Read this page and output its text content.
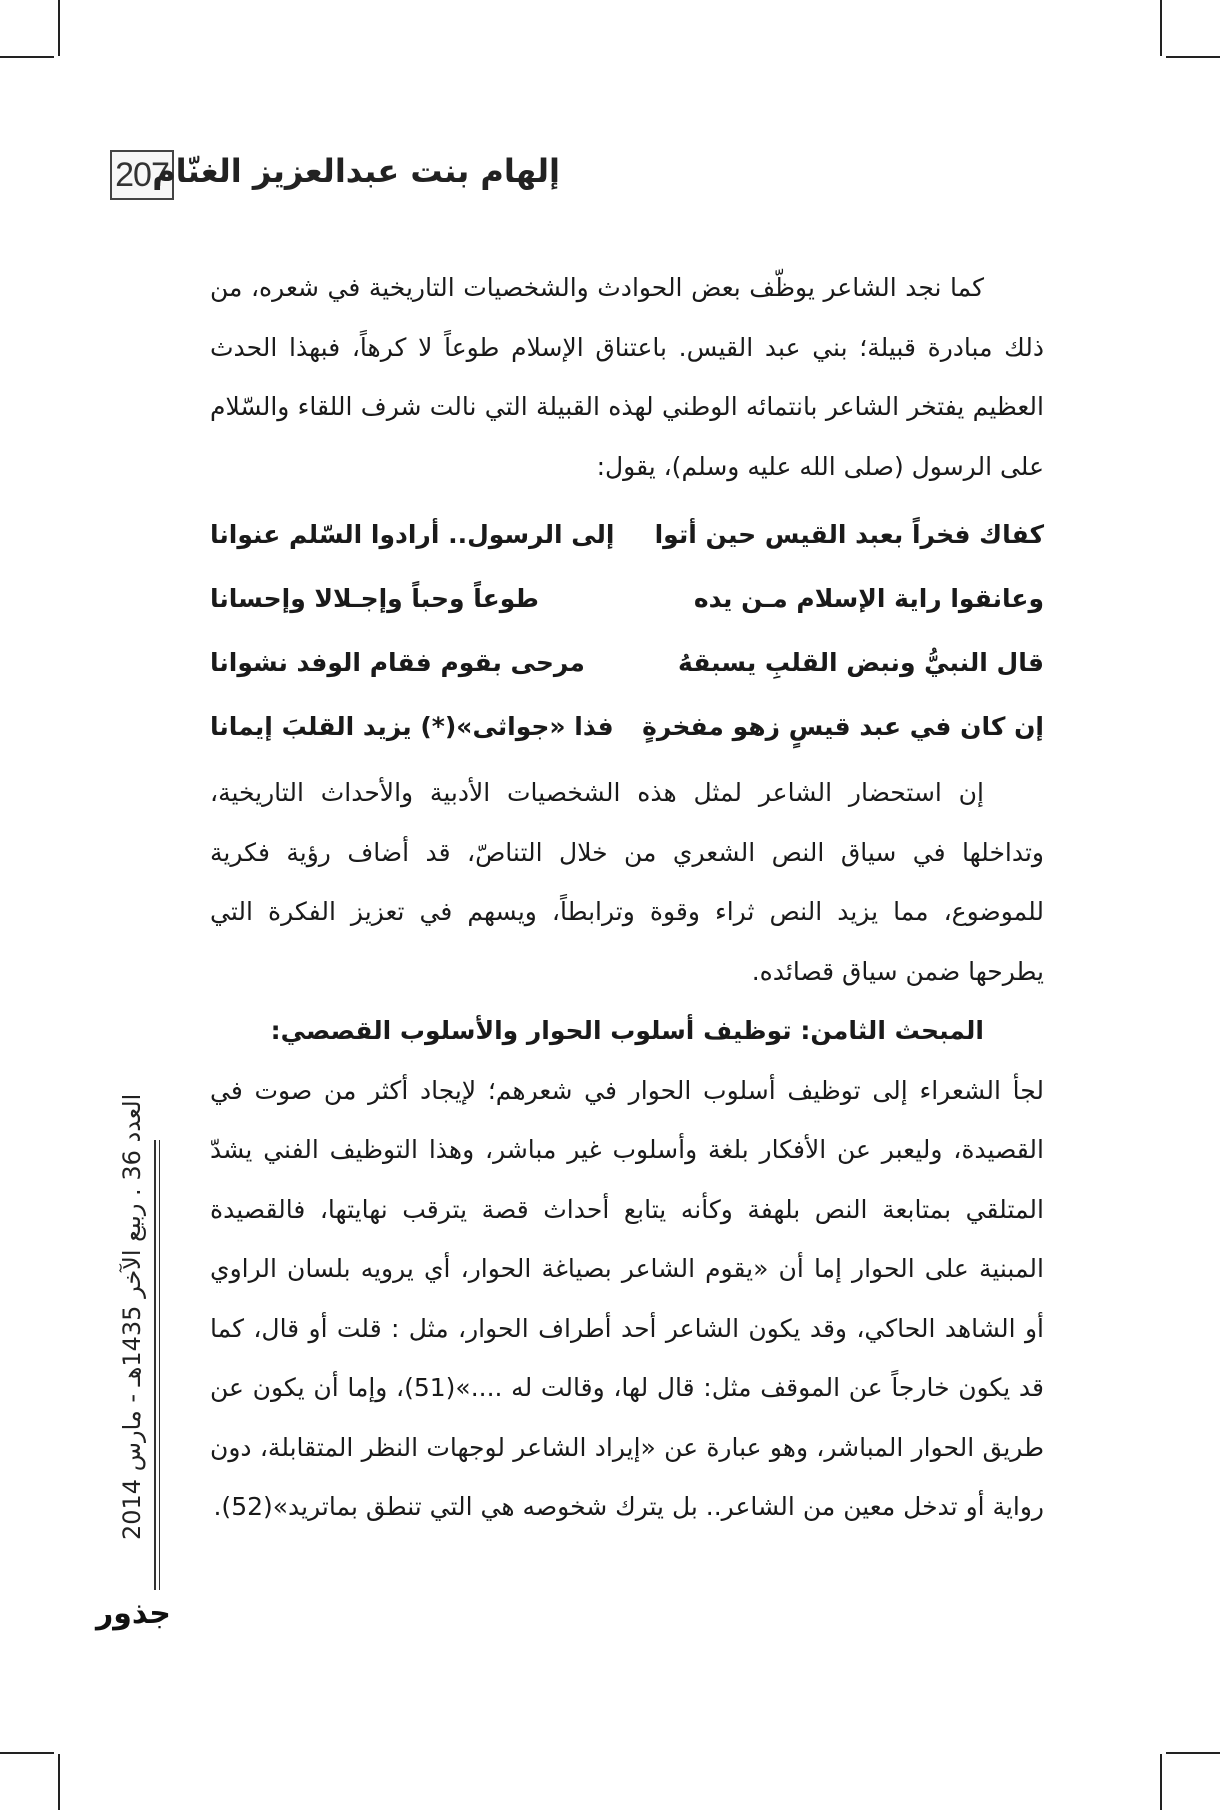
207
إلهام بنت عبدالعزيز الغنّام

كما نجد الشاعر يوظّف بعض الحوادث والشخصيات التاريخية في شعره، من ذلك مبادرة قبيلة؛ بني عبد القيس. باعتناق الإسلام طوعاً لا كرهاً، فبهذا الحدث العظيم يفتخر الشاعر بانتمائه الوطني لهذه القبيلة التي نالت شرف اللقاء والسّلام على الرسول (صلى الله عليه وسلم)، يقول:

كفاك فخراً بعبد القيس حين أتوا
إلى الرسول.. أرادوا السّلم عنوانا
وعانقوا راية الإسلام مـن يده
طوعاً وحباً وإجـلالا وإحسانا
قال النبيُّ ونبض القلبِ يسبقهُ
مرحى بقوم فقام الوفد نشوانا
إن كان في عبد قيسٍ زهو مفخرةٍ
فذا «جواثى»(*) يزيد القلبَ إيمانا

إن استحضار الشاعر لمثل هذه الشخصيات الأدبية والأحداث التاريخية، وتداخلها في سياق النص الشعري من خلال التناصّ، قد أضاف رؤية فكرية للموضوع، مما يزيد النص ثراء وقوة وترابطاً، ويسهم في تعزيز الفكرة التي يطرحها ضمن سياق قصائده.

المبحث الثامن: توظيف أسلوب الحوار والأسلوب القصصي:

لجأ الشعراء إلى توظيف أسلوب الحوار في شعرهم؛ لإيجاد أكثر من صوت في القصيدة، وليعبر عن الأفكار بلغة وأسلوب غير مباشر، وهذا التوظيف الفني يشدّ المتلقي بمتابعة النص بلهفة وكأنه يتابع أحداث قصة يترقب نهايتها، فالقصيدة المبنية على الحوار إما أن «يقوم الشاعر بصياغة الحوار، أي يرويه بلسان الراوي أو الشاهد الحاكي، وقد يكون الشاعر أحد أطراف الحوار، مثل : قلت أو قال، كما قد يكون خارجاً عن الموقف مثل: قال لها، وقالت له ....»(51)، وإما أن يكون عن طريق الحوار المباشر، وهو عبارة عن «إيراد الشاعر لوجهات النظر المتقابلة، دون رواية أو تدخل معين من الشاعر.. بل يترك شخوصه هي التي تنطق بماتريد»(52).

العدد 36 . ربيع الآخر 1435هـ - مارس 2014
جذور
